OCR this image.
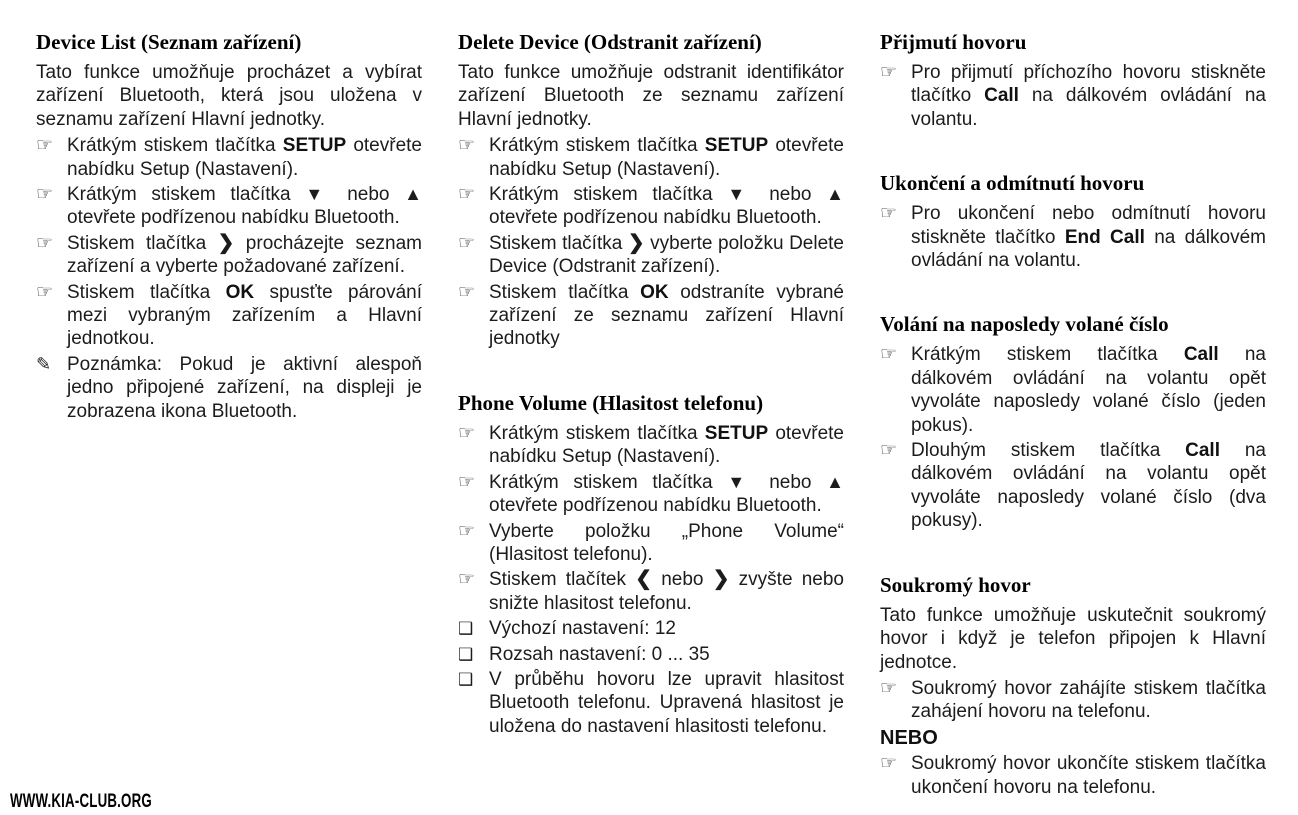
Device List (Seznam zařízení)

Tato funkce umožňuje procházet a vybírat zařízení Bluetooth, která jsou uložena v seznamu zařízení Hlavní jednotky.

☞ Krátkým stiskem tlačítka SETUP otevřete nabídku Setup (Nastavení).
☞ Krátkým stiskem tlačítka ▼ nebo ▲ otevřete podřízenou nabídku Bluetooth.
☞ Stiskem tlačítka ❯ procházejte seznam zařízení a vyberte požadované zařízení.
☞ Stiskem tlačítka OK spusťte párování mezi vybraným zařízením a Hlavní jednotkou.
✎ Poznámka: Pokud je aktivní alespoň jedno připojené zařízení, na displeji je zobrazena ikona Bluetooth.
Delete Device (Odstranit zařízení)

Tato funkce umožňuje odstranit identifikátor zařízení Bluetooth ze seznamu zařízení Hlavní jednotky.

☞ Krátkým stiskem tlačítka SETUP otevřete nabídku Setup (Nastavení).
☞ Krátkým stiskem tlačítka ▼ nebo ▲ otevřete podřízenou nabídku Bluetooth.
☞ Stiskem tlačítka ❯ vyberte položku Delete Device (Odstranit zařízení).
☞ Stiskem tlačítka OK odstraníte vybrané zařízení ze seznamu zařízení Hlavní jednotky
Phone Volume (Hlasitost telefonu)
☞ Krátkým stiskem tlačítka SETUP otevřete nabídku Setup (Nastavení).
☞ Krátkým stiskem tlačítka ▼ nebo ▲ otevřete podřízenou nabídku Bluetooth.
☞ Vyberte položku „Phone Volume“ (Hlasitost telefonu).
☞ Stiskem tlačítek ❮ nebo ❯ zvyšte nebo snižte hlasitost telefonu.
❑ Výchozí nastavení: 12
❑ Rozsah nastavení: 0 ... 35
❑ V průběhu hovoru lze upravit hlasitost Bluetooth telefonu. Upravená hlasitost je uložena do nastavení hlasitosti telefonu.
Přijmutí hovoru
☞ Pro přijmutí příchozího hovoru stiskněte tlačítko Call na dálkovém ovládání na volantu.
Ukončení a odmítnutí hovoru
☞ Pro ukončení nebo odmítnutí hovoru stiskněte tlačítko End Call na dálkovém ovládání na volantu.
Volání na naposledy volané číslo
☞ Krátkým stiskem tlačítka Call na dálkovém ovládání na volantu opět vyvoláte naposledy volané číslo (jeden pokus).
☞ Dlouhým stiskem tlačítka Call na dálkovém ovládání na volantu opět vyvoláte naposledy volané číslo (dva pokusy).
Soukromý hovor

Tato funkce umožňuje uskutečnit soukromý hovor i když je telefon připojen k Hlavní jednotce.

☞ Soukromý hovor zahájíte stiskem tlačítka zahájení hovoru na telefonu.
NEBO
☞ Soukromý hovor ukončíte stiskem tlačítka ukončení hovoru na telefonu.
WWW.KIA-CLUB.ORG
